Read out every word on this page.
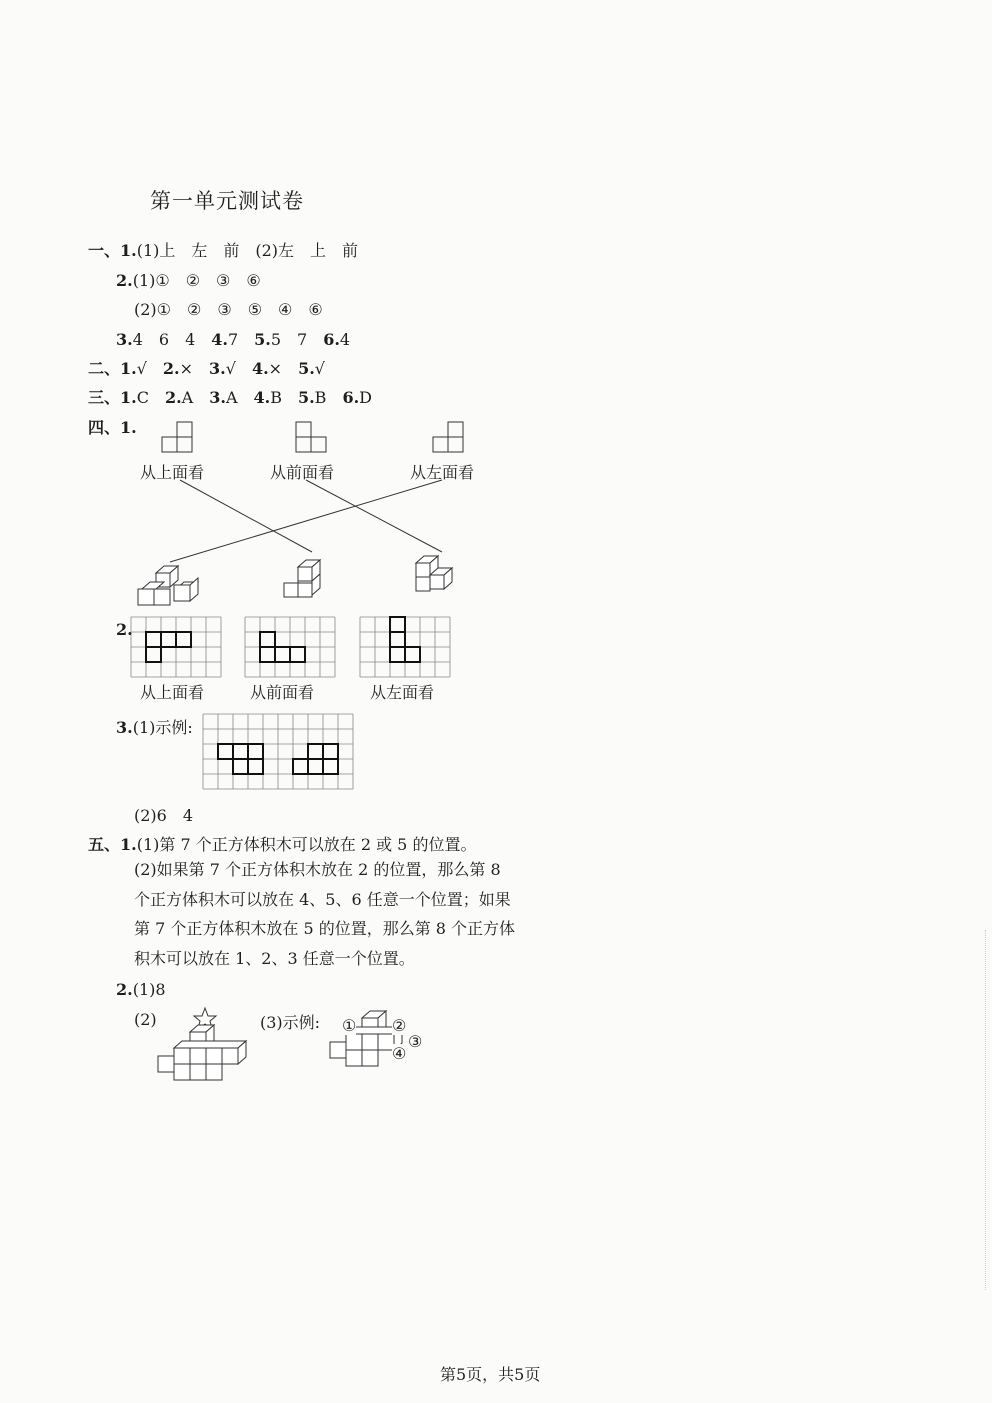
第一单元测试卷
一、1.(1)上　左　前　(2)左　上　前
2.(1)①　②　③　⑥
(2)①　②　③　⑤　④　⑥
3.4　6　4　4.7　5.5　7　6.4
二、1.√　2.×　3.√　4.×　5.√
三、1.C　2.A　3.A　4.B　5.B　6.D
四、1.
从上面看	从前面看	从左面看
2.
从上面看	从前面看	从左面看
3.(1)示例:
(2)6　4
五、1.(1)第 7 个正方体积木可以放在 2 或 5 的位置。
(2)如果第 7 个正方体积木放在 2 的位置，那么第 8 个正方体积木可以放在 4、5、6 任意一个位置；如果第 7 个正方体积木放在 5 的位置，那么第 8 个正方体积木可以放在 1、2、3 任意一个位置。
2.(1)8
(2)	(3)示例: ① ②
③
④
第5页，共5页
